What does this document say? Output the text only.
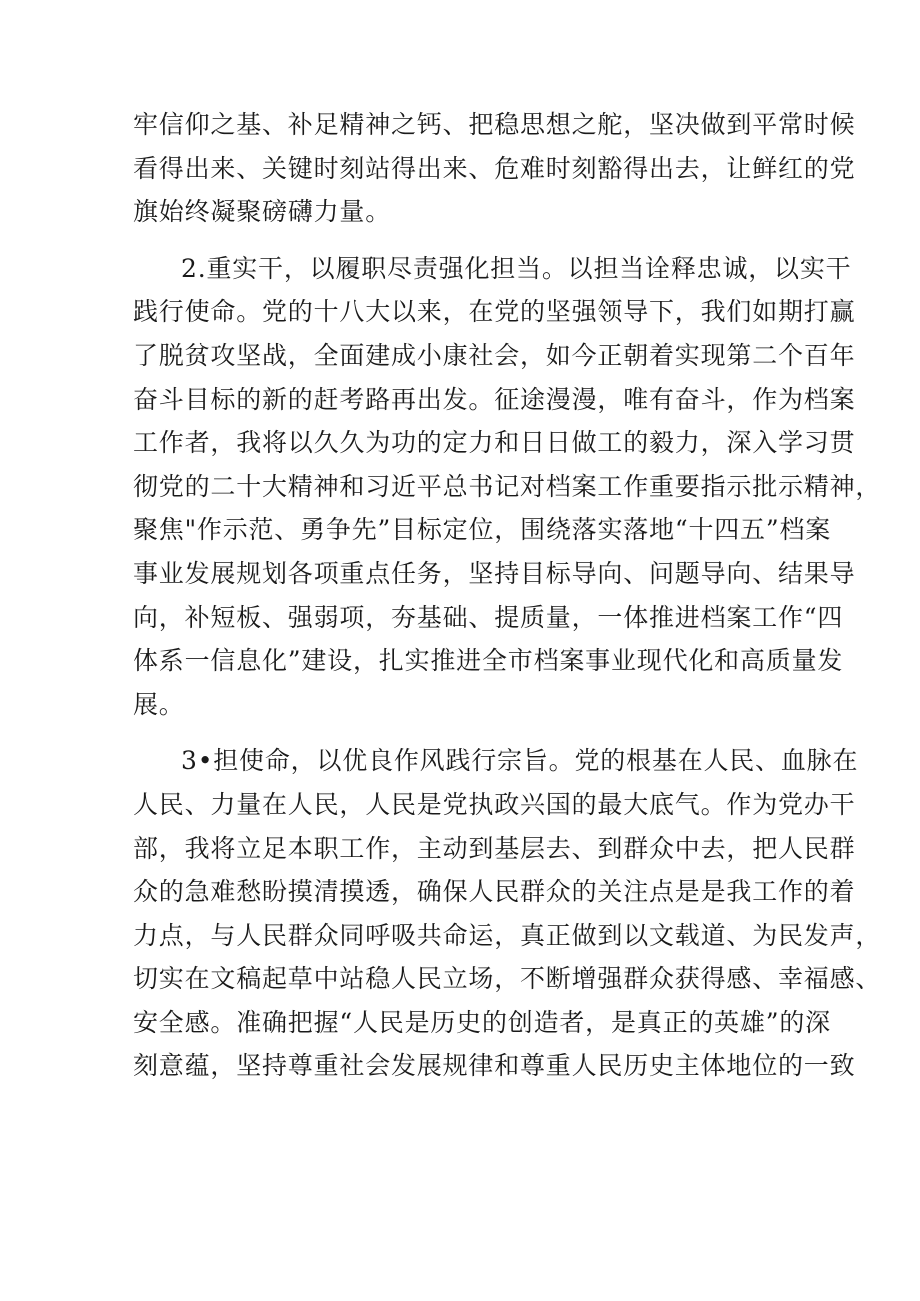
牢信仰之基、补足精神之钙、把稳思想之舵，坚决做到平常时候
看得出来、关键时刻站得出来、危难时刻豁得出去，让鲜红的党
旗始终凝聚磅礴力量。
2.重实干，以履职尽责强化担当。以担当诠释忠诚，以实干
践行使命。党的十八大以来，在党的坚强领导下，我们如期打赢
了脱贫攻坚战，全面建成小康社会，如今正朝着实现第二个百年
奋斗目标的新的赶考路再出发。征途漫漫，唯有奋斗，作为档案
工作者，我将以久久为功的定力和日日做工的毅力，深入学习贯
彻党的二十大精神和习近平总书记对档案工作重要指示批示精神，
聚焦"作示范、勇争先”目标定位，围绕落实落地“十四五”档案
事业发展规划各项重点任务，坚持目标导向、问题导向、结果导
向，补短板、强弱项，夯基础、提质量，一体推进档案工作“四
体系一信息化”建设，扎实推进全市档案事业现代化和高质量发
展。
3•担使命，以优良作风践行宗旨。党的根基在人民、血脉在
人民、力量在人民，人民是党执政兴国的最大底气。作为党办干
部，我将立足本职工作，主动到基层去、到群众中去，把人民群
众的急难愁盼摸清摸透，确保人民群众的关注点是是我工作的着
力点，与人民群众同呼吸共命运，真正做到以文载道、为民发声，
切实在文稿起草中站稳人民立场，不断增强群众获得感、幸福感、
安全感。准确把握“人民是历史的创造者，是真正的英雄”的深
刻意蕴，坚持尊重社会发展规律和尊重人民历史主体地位的一致
